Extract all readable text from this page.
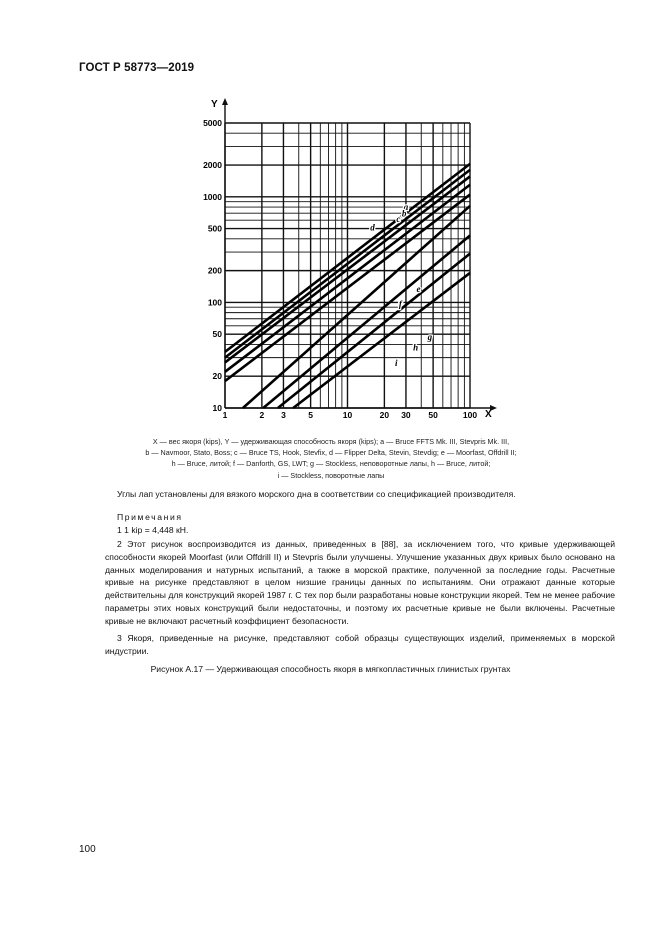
ГОСТ Р 58773—2019
X
Y
1	2 3	5	10	20 30 50	100
10
20
50
100
200
500
1000
2000
5000
a
b
c
d
e
f
g
h
i
X — вес якоря (kips), Y — удерживающая способность якоря (kips); a — Bruce FFTS Mk. III, Stevpris Mk. III,
b — Navmoor, Stato, Boss; c — Bruce TS, Hook, Stevfix, d — Flipper Delta, Stevin, Stevdig; e — Moorfast, Offdrill II;
h — Bruce, литой; f — Danforth, GS, LWT; g — Stockless, неповоротные лапы, h — Bruce, литой;
i — Stockless, поворотные лапы
Углы лап установлены для вязкого морского дна в соответствии со спецификацией производителя.
Примечания
1 1 kip = 4,448 кН.
2 Этот рисунок воспроизводится из данных, приведенных в [88], за исключением того, что кривые удерживающей способности якорей Moorfast (или Offdrill II) и Stevpris были улучшены. Улучшение указанных двух кривых было основано на данных моделирования и натурных испытаний, а также в морской практике, полученной за последние годы. Расчетные кривые на рисунке представляют в целом низшие границы данных по испытаниям. Они отражают данные которые действительны для конструкций якорей 1987 г. С тех пор были разработаны новые конструкции якорей. Тем не менее рабочие параметры этих новых конструкций были недостаточны, и поэтому их расчетные кривые не были включены. Расчетные кривые не включают расчетный коэффициент безопасности.
3 Якоря, приведенные на рисунке, представляют собой образцы существующих изделий, применяемых в морской индустрии.
Рисунок А.17 — Удерживающая способность якоря в мягкопластичных глинистых грунтах
100
